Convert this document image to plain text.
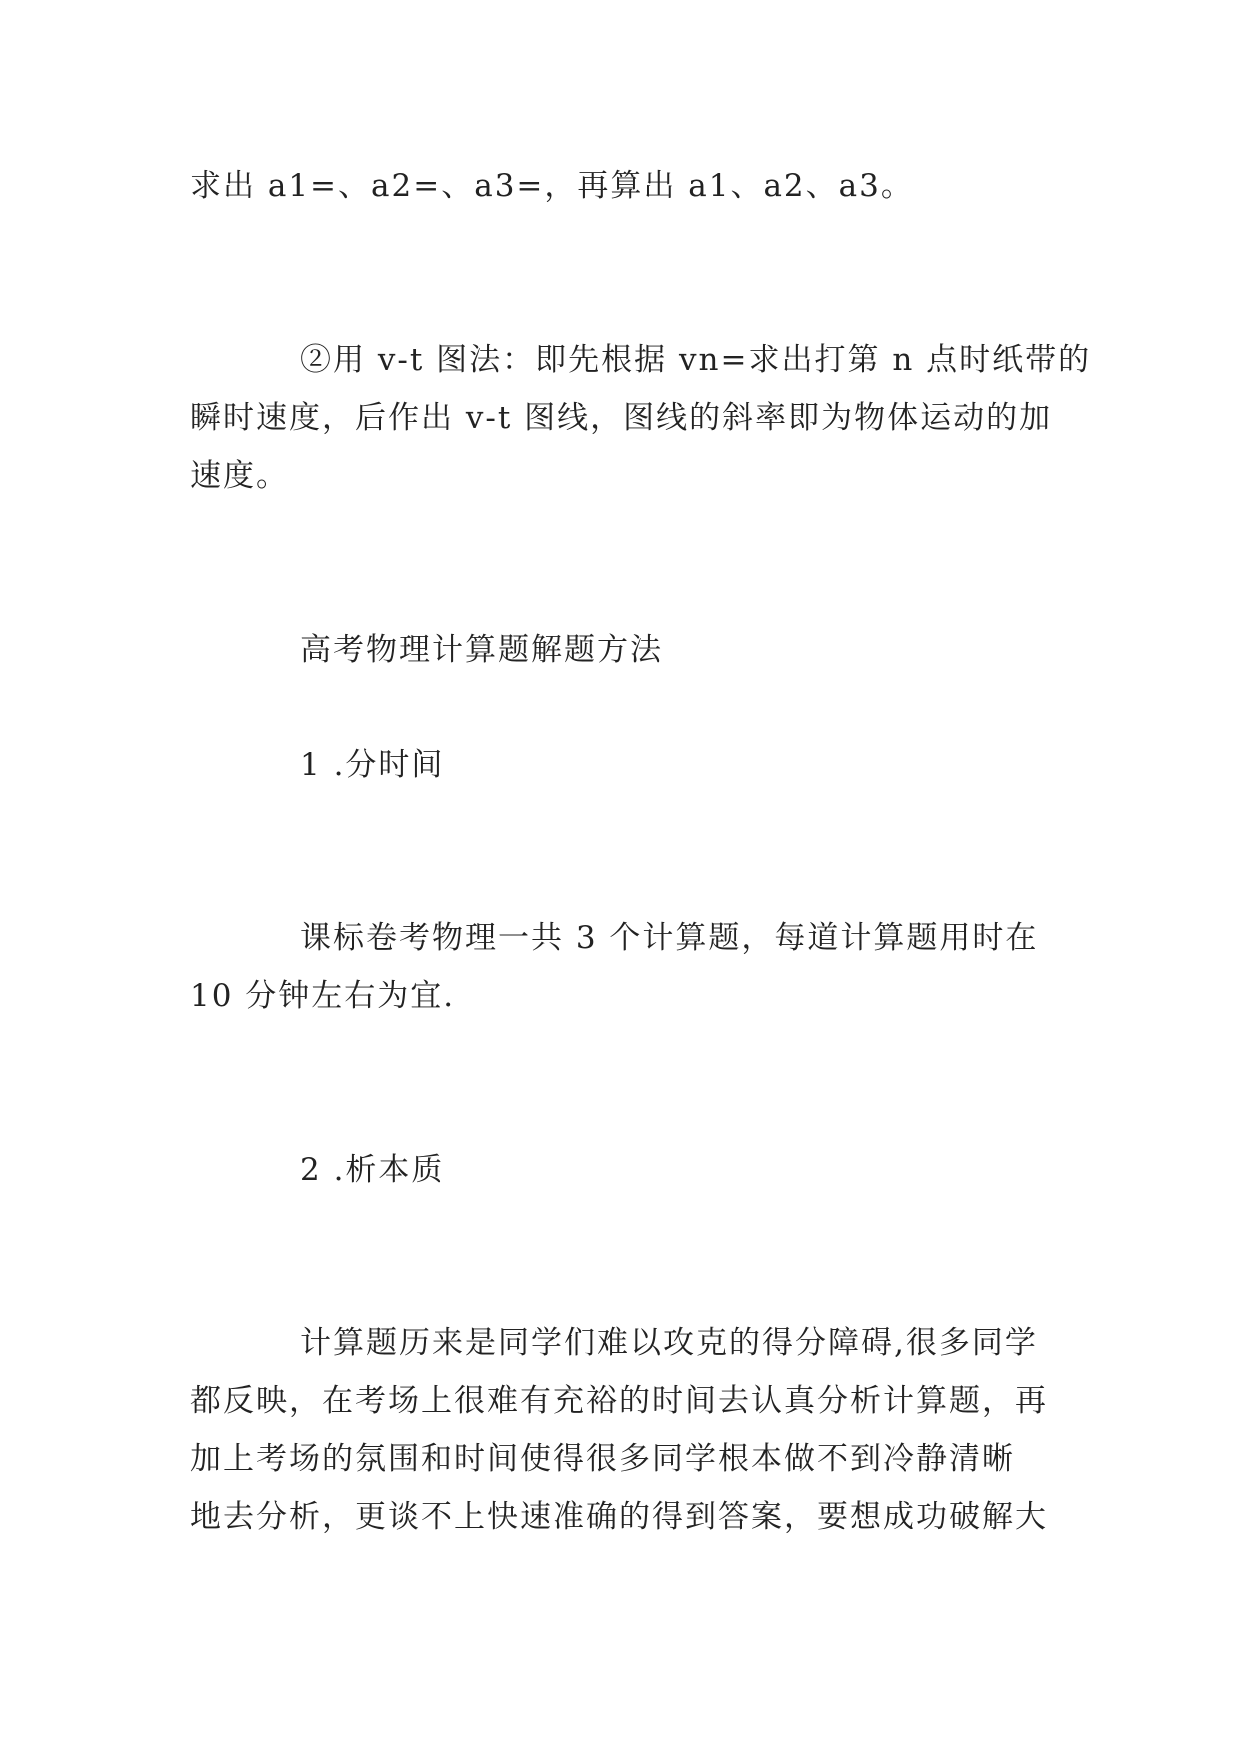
求出 a1=、a2=、a3=，再算出 a1、a2、a3。
②用 v-t 图法：即先根据 vn=求出打第 n 点时纸带的
瞬时速度，后作出 v-t 图线，图线的斜率即为物体运动的加
速度。
高考物理计算题解题方法
1 .分时间
课标卷考物理一共 3 个计算题，每道计算题用时在
10 分钟左右为宜.
2 .析本质
计算题历来是同学们难以攻克的得分障碍,很多同学
都反映，在考场上很难有充裕的时间去认真分析计算题，再
加上考场的氛围和时间使得很多同学根本做不到冷静清晰
地去分析，更谈不上快速准确的得到答案，要想成功破解大
